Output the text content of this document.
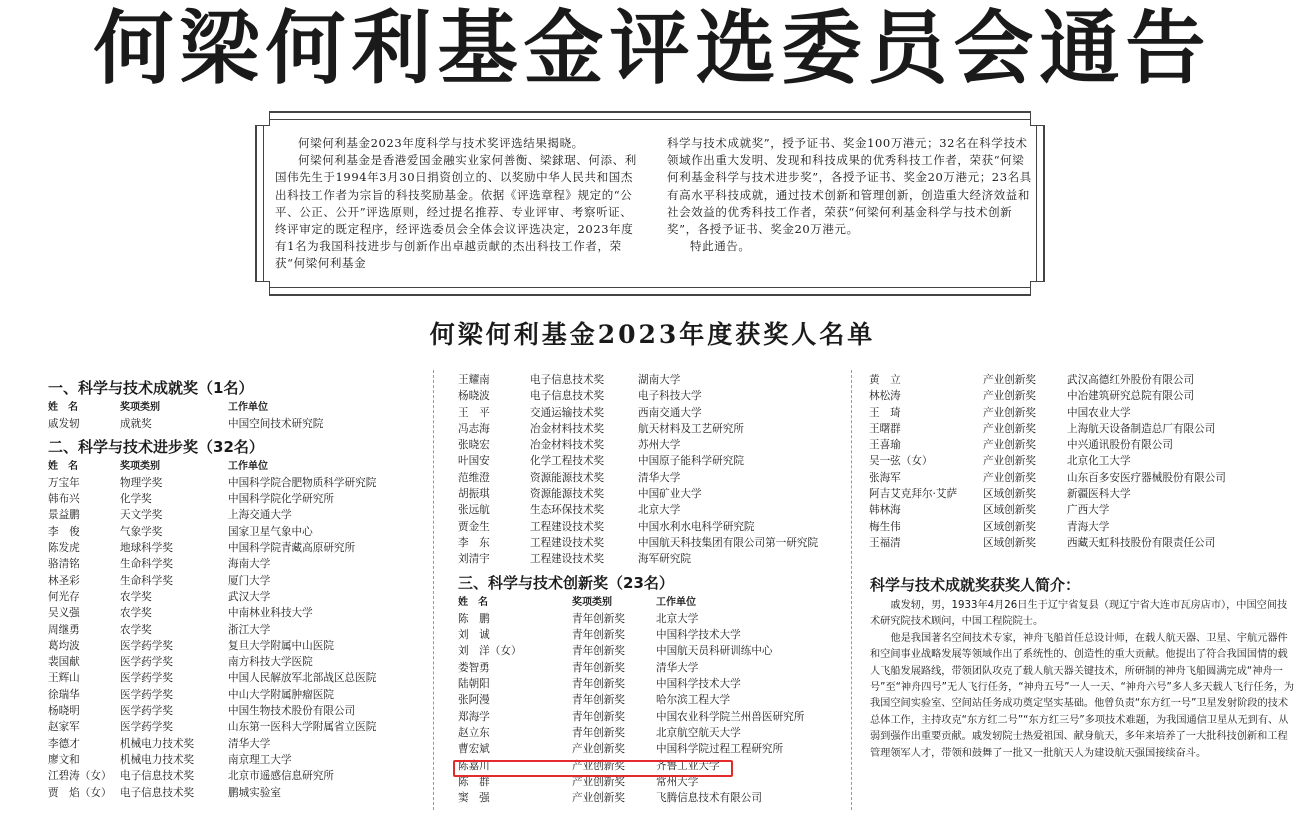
何梁何利基金评选委员会通告

何梁何利基金2023年度科学与技术奖评选结果揭晓。

何梁何利基金是香港爱国金融实业家何善衡、梁銶琚、何添、利国伟先生于1994年3月30日捐资创立的、以奖励中华人民共和国杰出科技工作者为宗旨的科技奖励基金。依据《评选章程》规定的“公平、公正、公开”评选原则，经过提名推荐、专业评审、考察听证、终评审定的既定程序，经评选委员会全体会议评选决定，2023年度有1名为我国科技进步与创新作出卓越贡献的杰出科技工作者，荣获“何梁何利基金

科学与技术成就奖”，授予证书、奖金100万港元；32名在科学技术领域作出重大发明、发现和科技成果的优秀科技工作者，荣获“何梁何利基金科学与技术进步奖”，各授予证书、奖金20万港元；23名具有高水平科技成就，通过技术创新和管理创新，创造重大经济效益和社会效益的优秀科技工作者，荣获“何梁何利基金科学与技术创新奖”，各授予证书、奖金20万港元。

特此通告。

何梁何利基金2023年度获奖人名单
一、科学与技术成就奖（1名）
姓　名	奖项类别	工作单位
戚发轫	成就奖	中国空间技术研究院
二、科学与技术进步奖（32名）
姓　名	奖项类别	工作单位
万宝年	物理学奖	中国科学院合肥物质科学研究院
韩布兴	化学奖	中国科学院化学研究所
景益鹏	天文学奖	上海交通大学
李　俊	气象学奖	国家卫星气象中心
陈发虎	地球科学奖	中国科学院青藏高原研究所
骆清铭	生命科学奖	海南大学
林圣彩	生命科学奖	厦门大学
何光存	农学奖	武汉大学
吴义强	农学奖	中南林业科技大学
周继勇	农学奖	浙江大学
葛均波	医学药学奖	复旦大学附属中山医院
裴国献	医学药学奖	南方科技大学医院
王辉山	医学药学奖	中国人民解放军北部战区总医院
徐瑞华	医学药学奖	中山大学附属肿瘤医院
杨晓明	医学药学奖	中国生物技术股份有限公司
赵家军	医学药学奖	山东第一医科大学附属省立医院
李德才	机械电力技术奖	清华大学
廖文和	机械电力技术奖	南京理工大学
江碧涛（女） 电子信息技术奖	北京市遥感信息研究所
贾　焰（女） 电子信息技术奖	鹏城实验室
王耀南	电子信息技术奖	湖南大学
杨晓波	电子信息技术奖	电子科技大学
王　平	交通运输技术奖	西南交通大学
冯志海	冶金材料技术奖	航天材料及工艺研究所
张晓宏	冶金材料技术奖	苏州大学
叶国安	化学工程技术奖	中国原子能科学研究院
范维澄	资源能源技术奖	清华大学
胡振琪	资源能源技术奖	中国矿业大学
张远航	生态环保技术奖	北京大学
贾金生	工程建设技术奖	中国水利水电科学研究院
李　东	工程建设技术奖	中国航天科技集团有限公司第一研究院
刘清宇	工程建设技术奖	海军研究院
三、科学与技术创新奖（23名）
姓　名	奖项类别	工作单位
陈　鹏	青年创新奖	北京大学
刘　诚	青年创新奖	中国科学技术大学
刘　洋（女）	青年创新奖	中国航天员科研训练中心
娄智勇	青年创新奖	清华大学
陆朝阳	青年创新奖	中国科学技术大学
张阿漫	青年创新奖	哈尔滨工程大学
郑海学	青年创新奖	中国农业科学院兰州兽医研究所
赵立东	青年创新奖	北京航空航天大学
曹宏斌	产业创新奖	中国科学院过程工程研究所
陈嘉川	产业创新奖	齐鲁工业大学
陈　群	产业创新奖	常州大学
窦　强	产业创新奖	飞腾信息技术有限公司
黄　立	产业创新奖	武汉高德红外股份有限公司
林松涛	产业创新奖	中冶建筑研究总院有限公司
王　琦	产业创新奖	中国农业大学
王曙群	产业创新奖	上海航天设备制造总厂有限公司
王喜瑜	产业创新奖	中兴通讯股份有限公司
吴一弦（女）	产业创新奖	北京化工大学
张海军	产业创新奖	山东百多安医疗器械股份有限公司
阿吉艾克拜尔·艾萨 区域创新奖	新疆医科大学
韩林海	区域创新奖	广西大学
梅生伟	区域创新奖	青海大学
王福清	区域创新奖	西藏天虹科技股份有限责任公司
科学与技术成就奖获奖人简介：

戚发轫，男，1933年4月26日生于辽宁省复县（现辽宁省大连市瓦房店市），中国空间技术研究院技术顾问，中国工程院院士。

他是我国著名空间技术专家，神舟飞船首任总设计师，在载人航天器、卫星、宇航元器件和空间事业战略发展等领域作出了系统性的、创造性的重大贡献。他提出了符合我国国情的载人飞船发展路线，带领团队攻克了载人航天器关键技术，所研制的神舟飞船圆满完成“神舟一号”至“神舟四号”无人飞行任务，“神舟五号”一人一天、“神舟六号”多人多天载人飞行任务，为我国空间实验室、空间站任务成功奠定坚实基础。他曾负责“东方红一号”卫星发射阶段的技术总体工作，主持攻克“东方红二号”“东方红三号”多项技术难题，为我国通信卫星从无到有、从弱到强作出重要贡献。戚发轫院士热爱祖国、献身航天，多年来培养了一大批科技创新和工程管理领军人才，带领和鼓舞了一批又一批航天人为建设航天强国接续奋斗。
